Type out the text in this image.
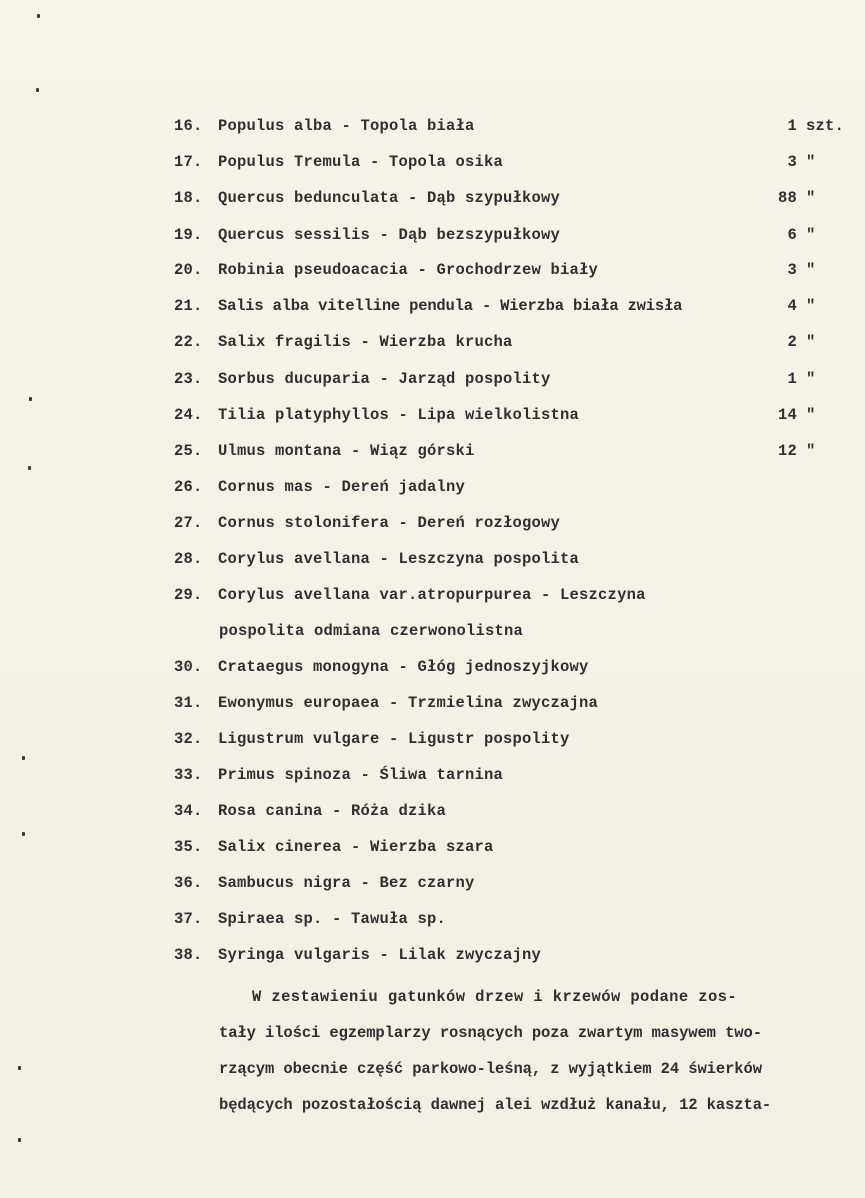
16. Populus alba - Topola biała	1 szt.
17. Populus Tremula - Topola osika	3 "
18. Quercus bedunculata - Dąb szypułkowy	88 "
19. Quercus sessilis - Dąb bezszypułkowy	6 "
20. Robinia pseudoacacia - Grochodrzew biały	3 "
21. Salis alba vitelline pendula - Wierzba biała zwisła	4 "
22. Salix fragilis - Wierzba krucha	2 "
23. Sorbus ducuparia - Jarząd pospolity	1 "
24. Tilia platyphyllos - Lipa wielkolistna	14 "
25. Ulmus montana - Wiąz górski	12 "
26. Cornus mas - Dereń jadalny
27. Cornus stolonifera - Dereń rozłogowy
28. Corylus avellana - Leszczyna pospolita
29. Corylus avellana var.atropurpurea - Leszczyna
pospolita odmiana czerwonolistna
30. Crataegus monogyna - Głóg jednoszyjkowy
31. Ewonymus europaea - Trzmielina zwyczajna
32. Ligustrum vulgare - Ligustr pospolity
33. Primus spinoza - Śliwa tarnina
34. Rosa canina - Róża dzika
35. Salix cinerea - Wierzba szara
36. Sambucus nigra - Bez czarny
37. Spiraea sp. - Tawuła sp.
38. Syringa vulgaris - Lilak zwyczajny
W zestawieniu gatunków drzew i krzewów podane zos-
tały ilości egzemplarzy rosnących poza zwartym masywem two-
rzącym obecnie część parkowo-leśną, z wyjątkiem 24 świerków
będących pozostałością dawnej alei wzdłuż kanału, 12 kaszta-
